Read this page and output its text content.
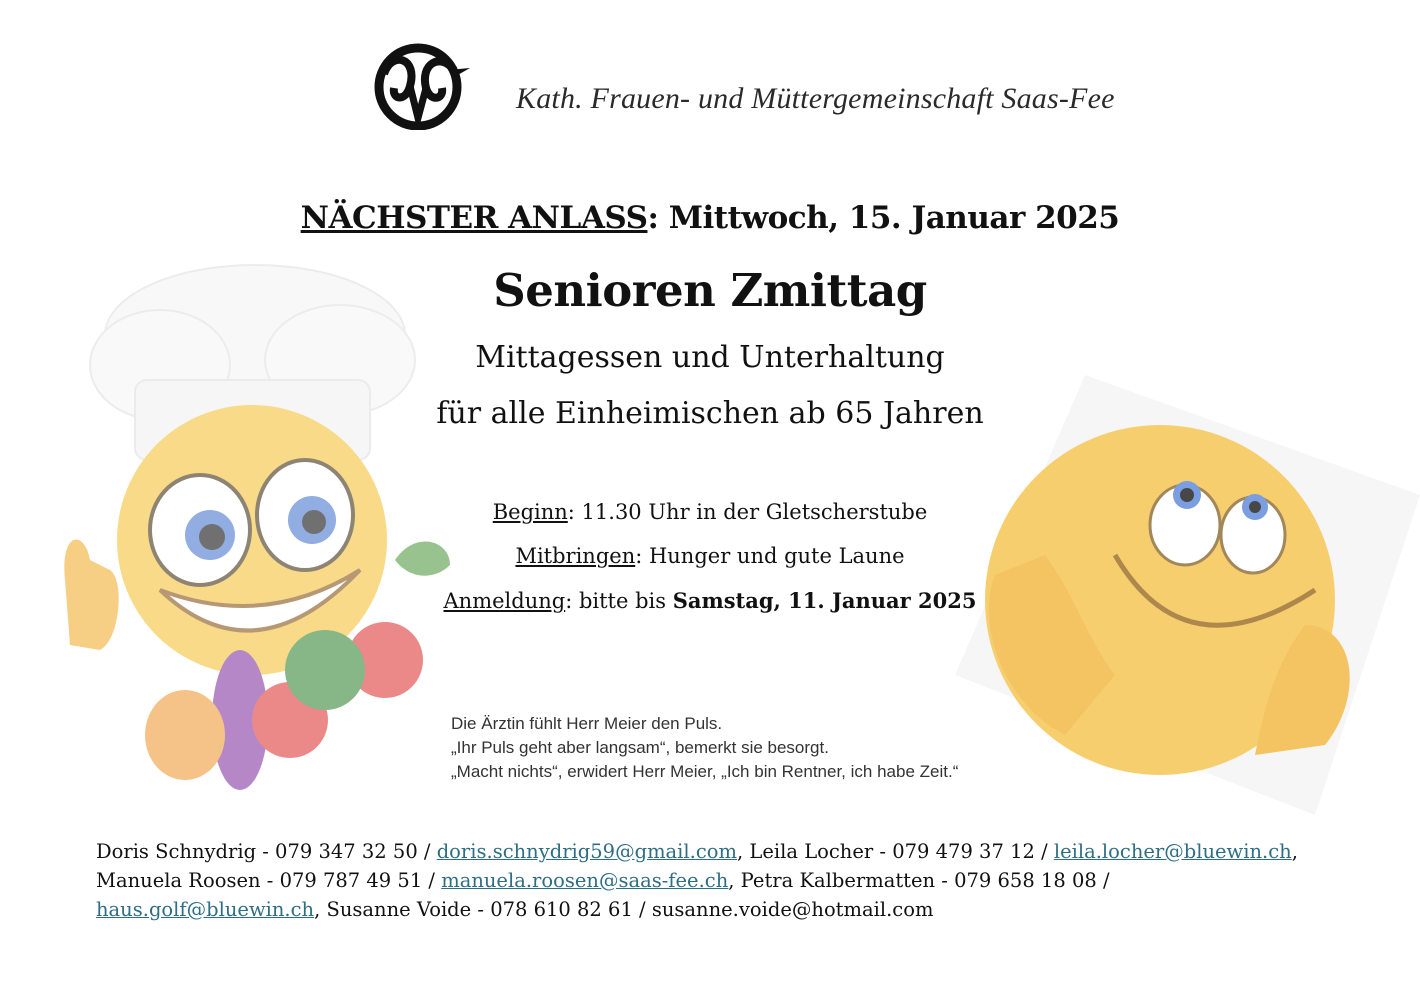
Kath. Frauen- und Müttergemeinschaft Saas-Fee
NÄCHSTER ANLASS: Mittwoch, 15. Januar 2025
Senioren Zmittag
Mittagessen und Unterhaltung
für alle Einheimischen ab 65 Jahren
Beginn: 11.30 Uhr in der Gletscherstube
Mitbringen: Hunger und gute Laune
Anmeldung: bitte bis Samstag, 11. Januar 2025
Die Ärztin fühlt Herr Meier den Puls.
„Ihr Puls geht aber langsam“, bemerkt sie besorgt.
„Macht nichts“, erwidert Herr Meier, „Ich bin Rentner, ich habe Zeit.“
Doris Schnydrig - 079 347 32 50 / doris.schnydrig59@gmail.com, Leila Locher - 079 479 37 12 / leila.locher@bluewin.ch,
Manuela Roosen - 079 787 49 51 / manuela.roosen@saas-fee.ch, Petra Kalbermatten - 079 658 18 08 /
haus.golf@bluewin.ch, Susanne Voide - 078 610 82 61 / susanne.voide@hotmail.com
